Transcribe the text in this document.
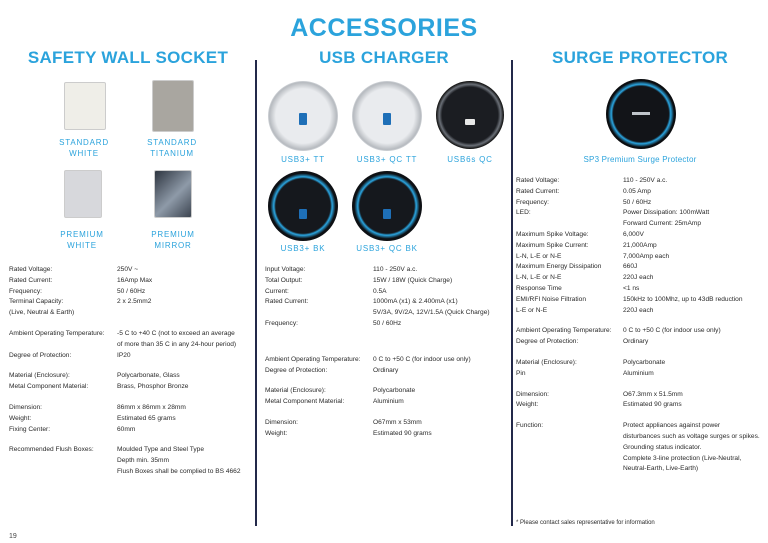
ACCESSORIES
SAFETY WALL SOCKET
STANDARD
WHITE
STANDARD
TITANIUM
PREMIUM
WHITE
PREMIUM
MIRROR
Rated Voltage:	250V ~
Rated Current:	16Amp Max
Frequency:	50 / 60Hz
Terminal Capacity:	2 x 2.5mm2
(Live, Neutral & Earth)
Ambient Operating Temperature:	-5 C to +40 C (not to exceed an average
of more than 35 C in any 24-hour period)
Degree of Protection:	IP20
Material (Enclosure):	Polycarbonate, Glass
Metal Component Material:	Brass, Phosphor Bronze
Dimension:	86mm x 86mm x 28mm
Weight:	Estimated 65 grams
Fixing Center:	60mm
Recommended Flush Boxes:	Moulded Type and Steel Type
Depth min. 35mm
Flush Boxes shall be complied to BS 4662
USB CHARGER
USB3+ TT	USB3+ QC TT	USB6s QC
USB3+ BK	USB3+ QC BK
Input Voltage:	110 - 250V a.c.
Total Output:	15W / 18W (Quick Charge)
Current:	0.5A
Rated Current:	1000mA (x1) & 2.400mA (x1)
5V/3A, 9V/2A, 12V/1.5A (Quick Charge)
Frequency:	50 / 60Hz
Ambient Operating Temperature:	0 C to +50 C (for indoor use only)
Degree of Protection:	Ordinary
Material (Enclosure):	Polycarbonate
Metal Component Material:	Aluminium
Dimension:	O67mm x 53mm
Weight:	Estimated 90 grams
SURGE PROTECTOR
SP3 Premium Surge Protector
Rated Voltage:	110 - 250V a.c.
Rated Current:	0.05 Amp
Frequency:	50 / 60Hz
LED:	Power Dissipation: 100mWatt
Forward Current: 25mAmp
Maximum Spike Voltage:	6,000V
Maximum Spike Current:	21,000Amp
L-N, L-E or N-E	7,000Amp each
Maximum Energy Dissipation	660J
L-N, L-E or N-E	220J each
Response Time	<1 ns
EMI/RFI Noise Filtration	150kHz to 100Mhz, up to 43dB reduction
L-E or N-E	220J each
Ambient Operating Temperature:	0 C to +50 C (for indoor use only)
Degree of Protection:	Ordinary
Material (Enclosure):	Polycarbonate
Pin	Aluminium
Dimension:	O67.3mm x 51.5mm
Weight:	Estimated 90 grams
Function:	Protect appliances against power
disturbances such as voltage surges or spikes.
Grounding status indicator.
Complete 3-line protection (Live-Neutral,
Neutral-Earth, Live-Earth)
* Please contact sales representative for information
19
